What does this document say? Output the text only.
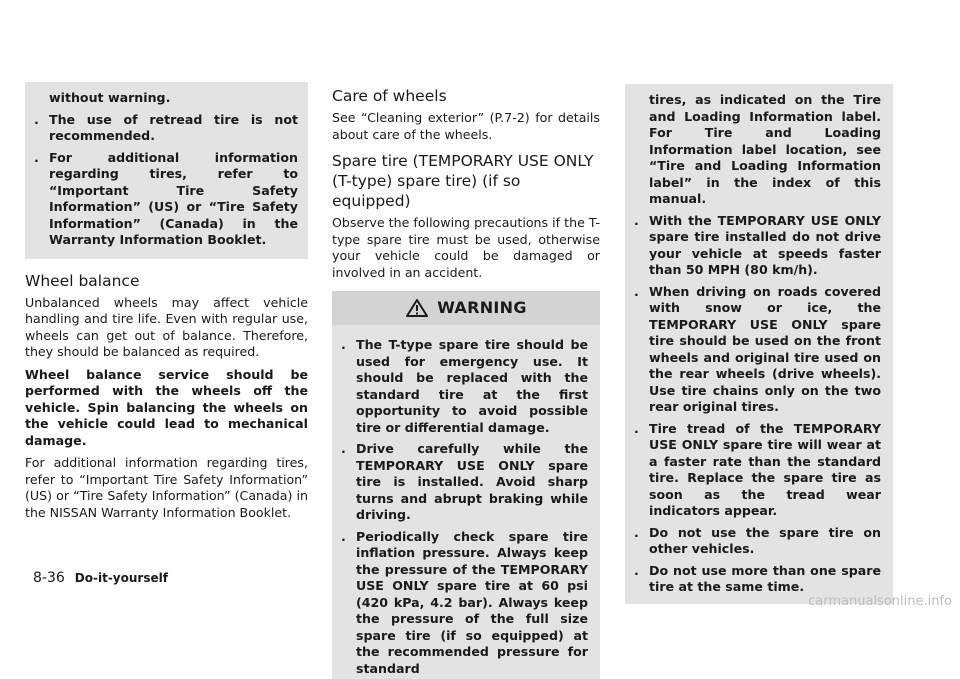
without warning.
. The use of retread tire is not recommended.
. For additional information regarding tires, refer to “Important Tire Safety Information” (US) or “Tire Safety Information” (Canada) in the Warranty Information Booklet.
Wheel balance

Unbalanced wheels may affect vehicle handling and tire life. Even with regular use, wheels can get out of balance. Therefore, they should be balanced as required.

Wheel balance service should be performed with the wheels off the vehicle. Spin balancing the wheels on the vehicle could lead to mechanical damage.

For additional information regarding tires, refer to “Important Tire Safety Information” (US) or “Tire Safety Information” (Canada) in the NISSAN Warranty Information Booklet.

Care of wheels

See “Cleaning exterior” (P.7-2) for details about care of the wheels.

Spare tire (TEMPORARY USE ONLY (T-type) spare tire) (if so equipped)

Observe the following precautions if the T-type spare tire must be used, otherwise your vehicle could be damaged or involved in an accident.

WARNING
. The T-type spare tire should be used for emergency use. It should be replaced with the standard tire at the first opportunity to avoid possible tire or differential damage.
. Drive carefully while the TEMPORARY USE ONLY spare tire is installed. Avoid sharp turns and abrupt braking while driving.
. Periodically check spare tire inflation pressure. Always keep the pressure of the TEMPORARY USE ONLY spare tire at 60 psi (420 kPa, 4.2 bar). Always keep the pressure of the full size spare tire (if so equipped) at the recommended pressure for standard
tires, as indicated on the Tire and Loading Information label. For Tire and Loading Information label location, see “Tire and Loading Information label” in the index of this manual.
. With the TEMPORARY USE ONLY spare tire installed do not drive your vehicle at speeds faster than 50 MPH (80 km/h).
. When driving on roads covered with snow or ice, the TEMPORARY USE ONLY spare tire should be used on the front wheels and original tire used on the rear wheels (drive wheels). Use tire chains only on the two rear original tires.
. Tire tread of the TEMPORARY USE ONLY spare tire will wear at a faster rate than the standard tire. Replace the spare tire as soon as the tread wear indicators appear.
. Do not use the spare tire on other vehicles.
. Do not use more than one spare tire at the same time.
8-36 Do-it-yourself
carmanualsonline.info
